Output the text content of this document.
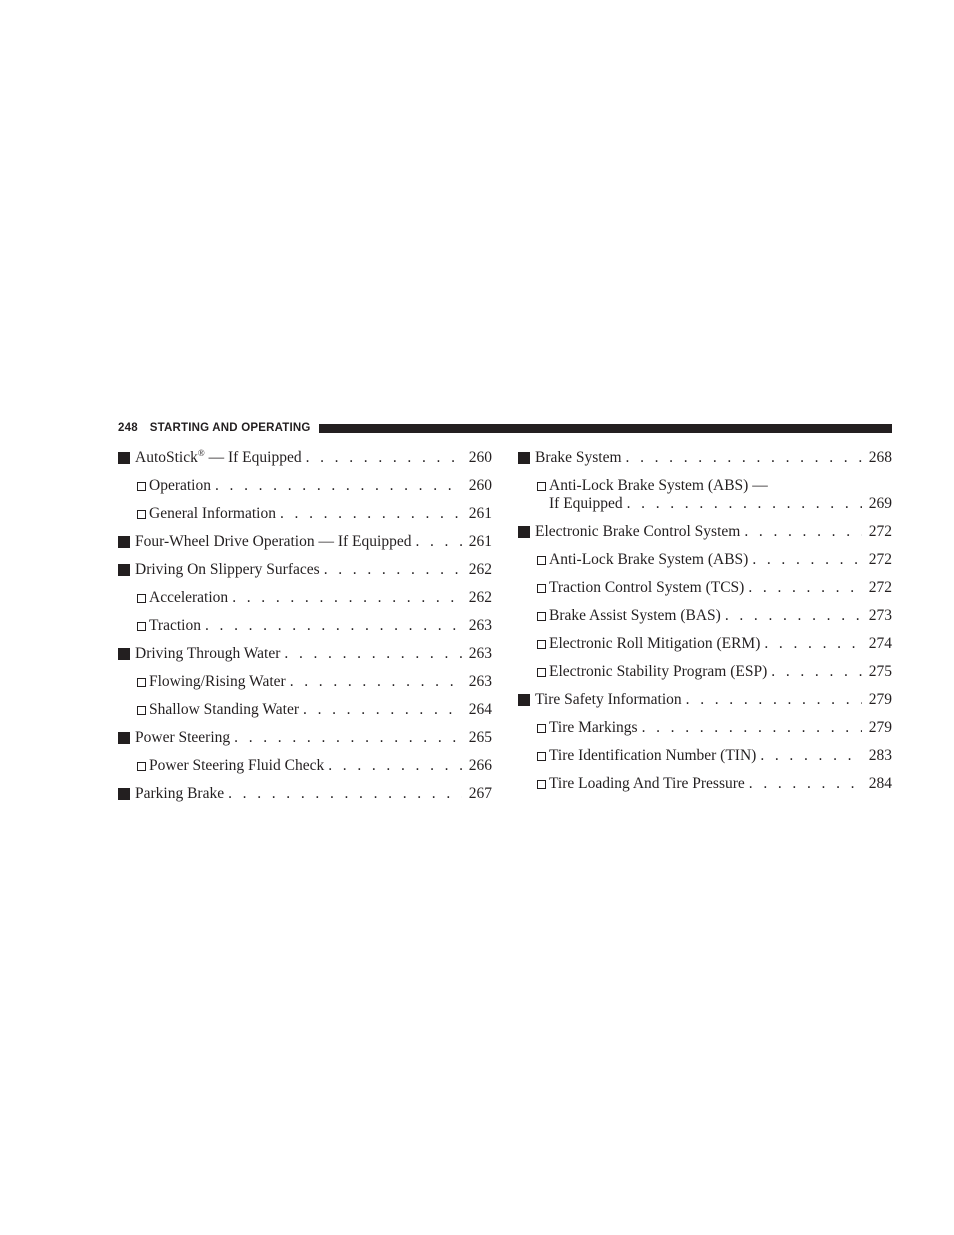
248 STARTING AND OPERATING
AutoStick® — If Equipped . . .	260
Operation . . .	260
General Information . . .	261
Four-Wheel Drive Operation — If Equipped . . .	261
Driving On Slippery Surfaces . . .	262
Acceleration . . .	262
Traction . . .	263
Driving Through Water . . .	263
Flowing/Rising Water . . .	263
Shallow Standing Water . . .	264
Power Steering . . .	265
Power Steering Fluid Check . . .	266
Parking Brake . . .	267
Brake System . . .	268
Anti-Lock Brake System (ABS) —
If Equipped . . .	269
Electronic Brake Control System . . .	272
Anti-Lock Brake System (ABS) . . .	272
Traction Control System (TCS) . . .	272
Brake Assist System (BAS) . . .	273
Electronic Roll Mitigation (ERM) . . .	274
Electronic Stability Program (ESP) . . .	275
Tire Safety Information . . .	279
Tire Markings . . .	279
Tire Identification Number (TIN) . . .	283
Tire Loading And Tire Pressure . . .	284
